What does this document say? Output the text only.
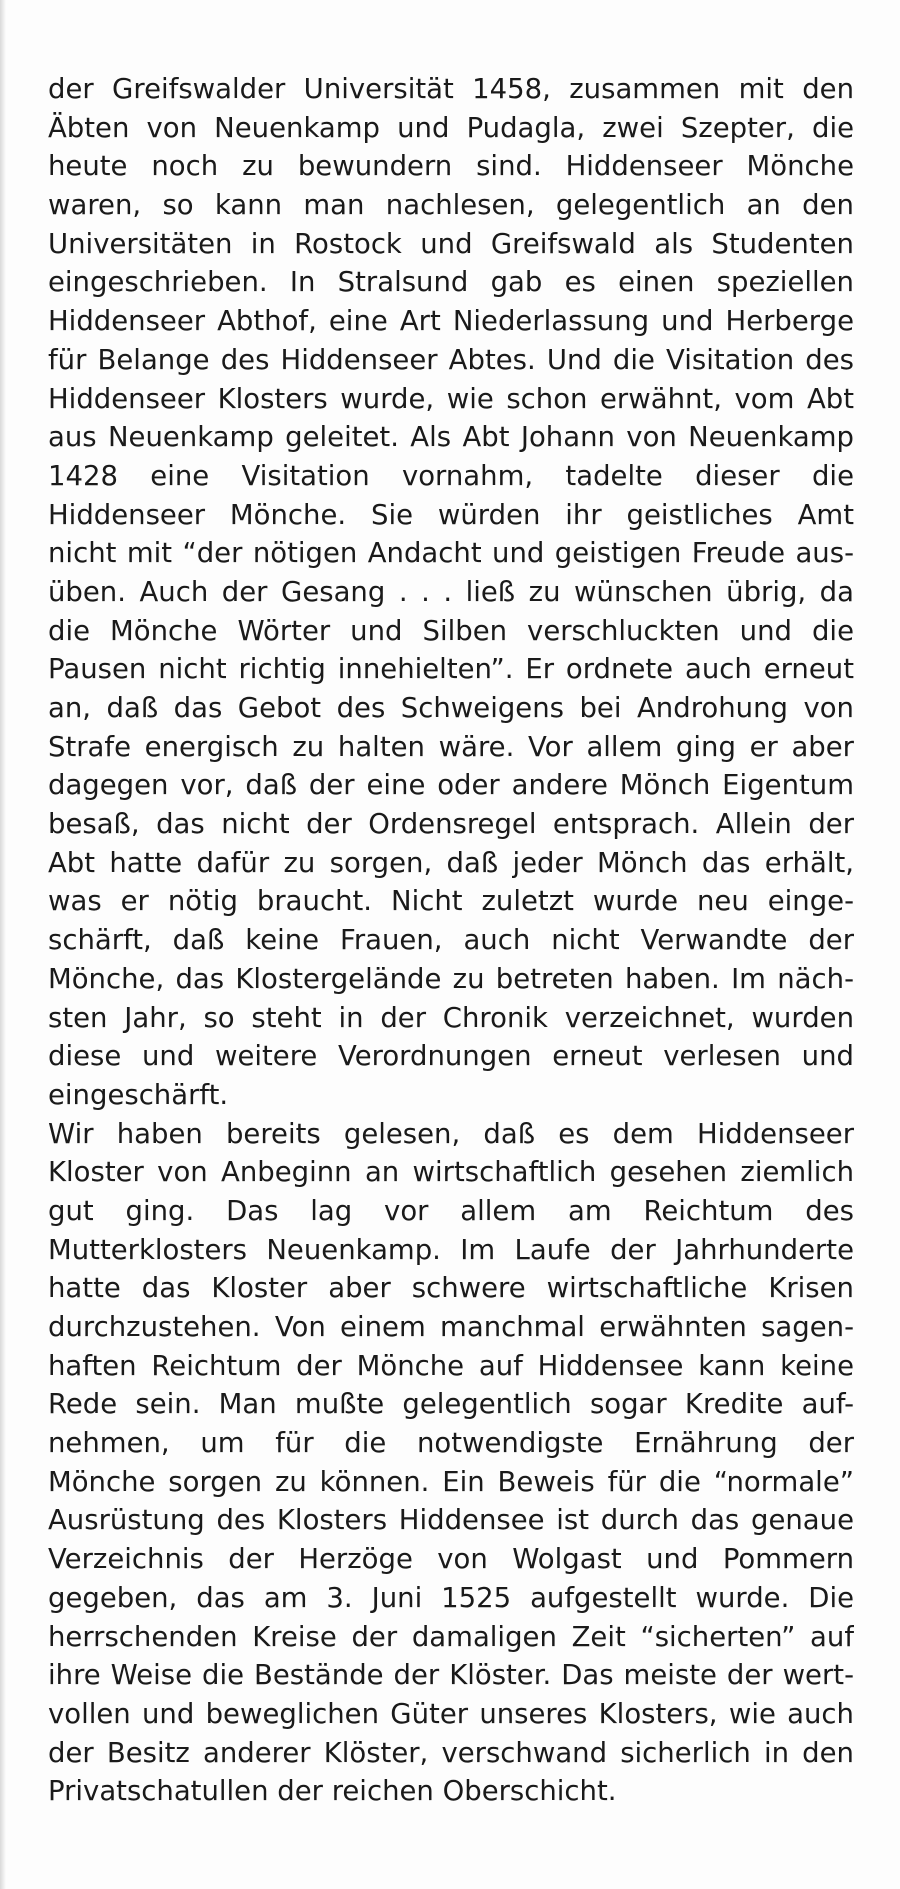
der Greifswalder Universität 1458, zusammen mit den
Äbten von Neuenkamp und Pudagla, zwei Szepter, die
heute noch zu bewundern sind. Hiddenseer Mönche
waren, so kann man nachlesen, gelegentlich an den
Universitäten in Rostock und Greifswald als Studenten
eingeschrieben. In Stralsund gab es einen speziellen
Hiddenseer Abthof, eine Art Niederlassung und Herberge
für Belange des Hiddenseer Abtes. Und die Visitation des
Hiddenseer Klosters wurde, wie schon erwähnt, vom Abt
aus Neuenkamp geleitet. Als Abt Johann von Neuenkamp
1428 eine Visitation vornahm, tadelte dieser die
Hiddenseer Mönche. Sie würden ihr geistliches Amt
nicht mit “der nötigen Andacht und geistigen Freude aus-
üben. Auch der Gesang . . . ließ zu wünschen übrig, da
die Mönche Wörter und Silben verschluckten und die
Pausen nicht richtig innehielten”. Er ordnete auch erneut
an, daß das Gebot des Schweigens bei Androhung von
Strafe energisch zu halten wäre. Vor allem ging er aber
dagegen vor, daß der eine oder andere Mönch Eigentum
besaß, das nicht der Ordensregel entsprach. Allein der
Abt hatte dafür zu sorgen, daß jeder Mönch das erhält,
was er nötig braucht. Nicht zuletzt wurde neu einge-
schärft, daß keine Frauen, auch nicht Verwandte der
Mönche, das Klostergelände zu betreten haben. Im näch-
sten Jahr, so steht in der Chronik verzeichnet, wurden
diese und weitere Verordnungen erneut verlesen und
eingeschärft.
Wir haben bereits gelesen, daß es dem Hiddenseer
Kloster von Anbeginn an wirtschaftlich gesehen ziemlich
gut ging. Das lag vor allem am Reichtum des
Mutterklosters Neuenkamp. Im Laufe der Jahrhunderte
hatte das Kloster aber schwere wirtschaftliche Krisen
durchzustehen. Von einem manchmal erwähnten sagen-
haften Reichtum der Mönche auf Hiddensee kann keine
Rede sein. Man mußte gelegentlich sogar Kredite auf-
nehmen, um für die notwendigste Ernährung der
Mönche sorgen zu können. Ein Beweis für die “normale”
Ausrüstung des Klosters Hiddensee ist durch das genaue
Verzeichnis der Herzöge von Wolgast und Pommern
gegeben, das am 3. Juni 1525 aufgestellt wurde. Die
herrschenden Kreise der damaligen Zeit “sicherten” auf
ihre Weise die Bestände der Klöster. Das meiste der wert-
vollen und beweglichen Güter unseres Klosters, wie auch
der Besitz anderer Klöster, verschwand sicherlich in den
Privatschatullen der reichen Oberschicht.
